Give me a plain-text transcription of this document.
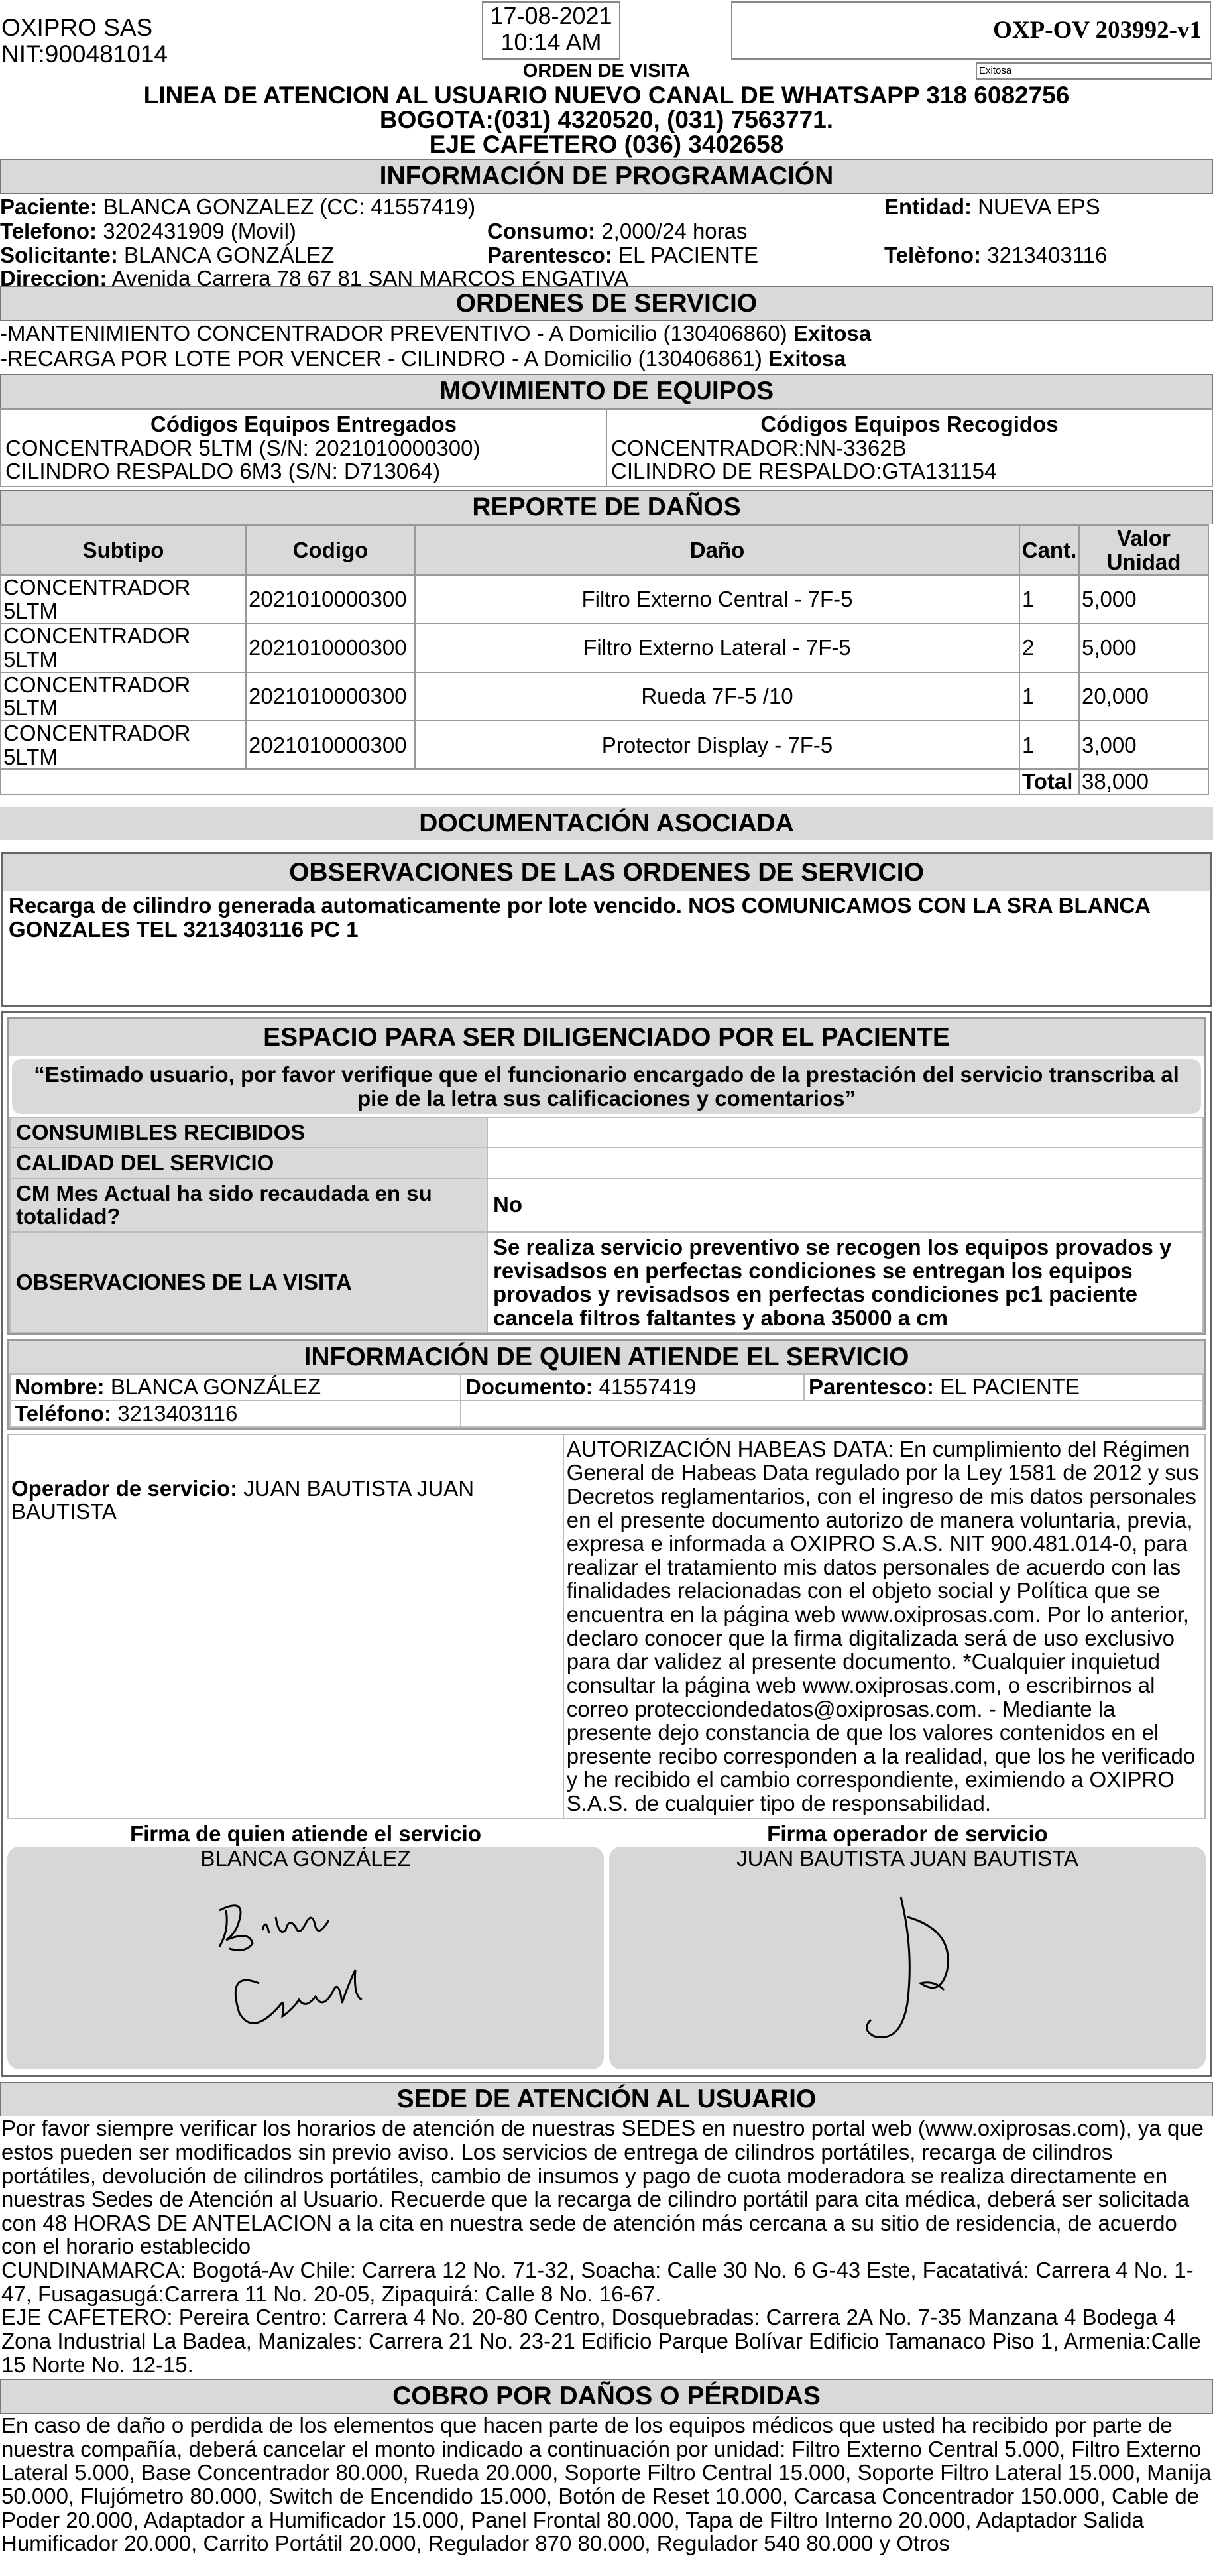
OXIPRO SAS
NIT:900481014
17-08-2021
10:14 AM	OXP-OV 203992-v1
Exitosa
ORDEN DE VISITA
LINEA DE ATENCION AL USUARIO NUEVO CANAL DE WHATSAPP 318 6082756
BOGOTA:(031) 4320520, (031) 7563771.
EJE CAFETERO (036) 3402658
INFORMACIÓN DE PROGRAMACIÓN
Paciente: BLANCA GONZALEZ (CC: 41557419)	Entidad: NUEVA EPS
Telefono: 3202431909 (Movil)	Consumo: 2,000/24 horas
Solicitante: BLANCA GONZÁLEZ	Parentesco: EL PACIENTE	Telèfono: 3213403116
Direccion: Avenida Carrera 78 67 81 SAN MARCOS ENGATIVA
ORDENES DE SERVICIO
-MANTENIMIENTO CONCENTRADOR PREVENTIVO - A Domicilio (130406860) Exitosa
-RECARGA POR LOTE POR VENCER - CILINDRO - A Domicilio (130406861) Exitosa
MOVIMIENTO DE EQUIPOS
Códigos Equipos Entregados
CONCENTRADOR 5LTM (S/N: 2021010000300)
CILINDRO RESPALDO 6M3 (S/N: D713064)

Códigos Equipos Recogidos
CONCENTRADOR:NN-3362B
CILINDRO DE RESPALDO:GTA131154
REPORTE DE DAÑOS
Subtipo	Codigo	Daño	Cant.	Valor Unidad
CONCENTRADOR 5LTM	2021010000300	Filtro Externo Central - 7F-5	1	5,000
CONCENTRADOR 5LTM	2021010000300	Filtro Externo Lateral - 7F-5	2	5,000
CONCENTRADOR 5LTM	2021010000300	Rueda 7F-5 /10	1	20,000
CONCENTRADOR 5LTM	2021010000300	Protector Display - 7F-5	1	3,000
			Total	38,000
DOCUMENTACIÓN ASOCIADA
OBSERVACIONES DE LAS ORDENES DE SERVICIO
Recarga de cilindro generada automaticamente por lote vencido. NOS COMUNICAMOS CON LA SRA BLANCA GONZALES TEL 3213403116 PC 1
ESPACIO PARA SER DILIGENCIADO POR EL PACIENTE
“Estimado usuario, por favor verifique que el funcionario encargado de la prestación del servicio transcriba al pie de la letra sus calificaciones y comentarios”
CONSUMIBLES RECIBIDOS	
CALIDAD DEL SERVICIO	
CM Mes Actual ha sido recaudada en su totalidad?	No
OBSERVACIONES DE LA VISITA	Se realiza servicio preventivo se recogen los equipos provados y revisadsos en perfectas condiciones se entregan los equipos provados y revisadsos en perfectas condiciones pc1 paciente cancela filtros faltantes y abona 35000 a cm
INFORMACIÓN DE QUIEN ATIENDE EL SERVICIO
Nombre: BLANCA GONZÁLEZ	Documento: 41557419	Parentesco: EL PACIENTE
Teléfono: 3213403116		
Operador de servicio: JUAN BAUTISTA JUAN BAUTISTA
	AUTORIZACIÓN HABEAS DATA: En cumplimiento del Régimen General de Habeas Data regulado por la Ley 1581 de 2012 y sus Decretos reglamentarios, con el ingreso de mis datos personales en el presente documento autorizo de manera voluntaria, previa, expresa e informada a OXIPRO S.A.S. NIT 900.481.014-0, para realizar el tratamiento mis datos personales de acuerdo con las finalidades relacionadas con el objeto social y Política que se encuentra en la página web www.oxiprosas.com. Por lo anterior, declaro conocer que la firma digitalizada será de uso exclusivo para dar validez al presente documento. *Cualquier inquietud consultar la página web www.oxiprosas.com, o escribirnos al correo protecciondedatos@oxiprosas.com. - Mediante la presente dejo constancia de que los valores contenidos en el presente recibo corresponden a la realidad, que los he verificado y he recibido el cambio correspondiente, eximiendo a OXIPRO S.A.S. de cualquier tipo de responsabilidad.
Firma de quien atiende el servicio
BLANCA GONZÁLEZ
Firma operador de servicio
JUAN BAUTISTA JUAN BAUTISTA
SEDE DE ATENCIÓN AL USUARIO
Por favor siempre verificar los horarios de atención de nuestras SEDES en nuestro portal web (www.oxiprosas.com), ya que estos pueden ser modificados sin previo aviso. Los servicios de entrega de cilindros portátiles, recarga de cilindros portátiles, devolución de cilindros portátiles, cambio de insumos y pago de cuota moderadora se realiza directamente en nuestras Sedes de Atención al Usuario. Recuerde que la recarga de cilindro portátil para cita médica, deberá ser solicitada con 48 HORAS DE ANTELACION a la cita en nuestra sede de atención más cercana a su sitio de residencia, de acuerdo con el horario establecido
CUNDINAMARCA: Bogotá-Av Chile: Carrera 12 No. 71-32, Soacha: Calle 30 No. 6 G-43 Este, Facatativá: Carrera 4 No. 1-47, Fusagasugá:Carrera 11 No. 20-05, Zipaquirá: Calle 8 No. 16-67.
EJE CAFETERO: Pereira Centro: Carrera 4 No. 20-80 Centro, Dosquebradas: Carrera 2A No. 7-35 Manzana 4 Bodega 4 Zona Industrial La Badea, Manizales: Carrera 21 No. 23-21 Edificio Parque Bolívar Edificio Tamanaco Piso 1, Armenia:Calle 15 Norte No. 12-15.
COBRO POR DAÑOS O PÉRDIDAS
En caso de daño o perdida de los elementos que hacen parte de los equipos médicos que usted ha recibido por parte de nuestra compañía, deberá cancelar el monto indicado a continuación por unidad: Filtro Externo Central 5.000, Filtro Externo Lateral 5.000, Base Concentrador 80.000, Rueda 20.000, Soporte Filtro Central 15.000, Soporte Filtro Lateral 15.000, Manija 50.000, Flujómetro 80.000, Switch de Encendido 15.000, Botón de Reset 10.000, Carcasa Concentrador 150.000, Cable de Poder 20.000, Adaptador a Humificador 15.000, Panel Frontal 80.000, Tapa de Filtro Interno 20.000, Adaptador Salida Humificador 20.000, Carrito Portátil 20.000, Regulador 870 80.000, Regulador 540 80.000 y Otros
